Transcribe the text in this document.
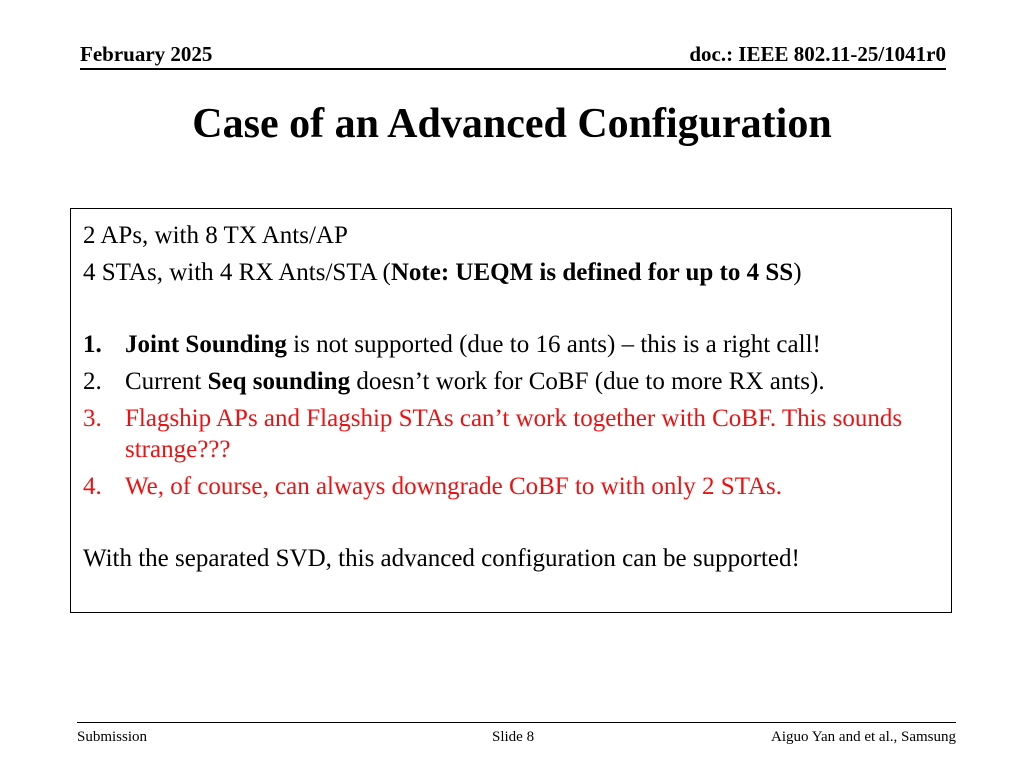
February 2025	doc.: IEEE 802.11-25/1041r0
Case of an Advanced Configuration
2 APs, with 8 TX Ants/AP
4 STAs, with 4 RX Ants/STA (Note: UEQM is defined for up to 4 SS)
1. Joint Sounding is not supported (due to 16 ants) – this is a right call!
2. Current Seq sounding doesn’t work for CoBF (due to more RX ants).
3. Flagship APs and Flagship STAs can’t work together with CoBF. This sounds strange???
4. We, of course, can always downgrade CoBF to with only 2 STAs.
With the separated SVD, this advanced configuration can be supported!
Submission	Slide 8	Aiguo Yan and et al., Samsung
